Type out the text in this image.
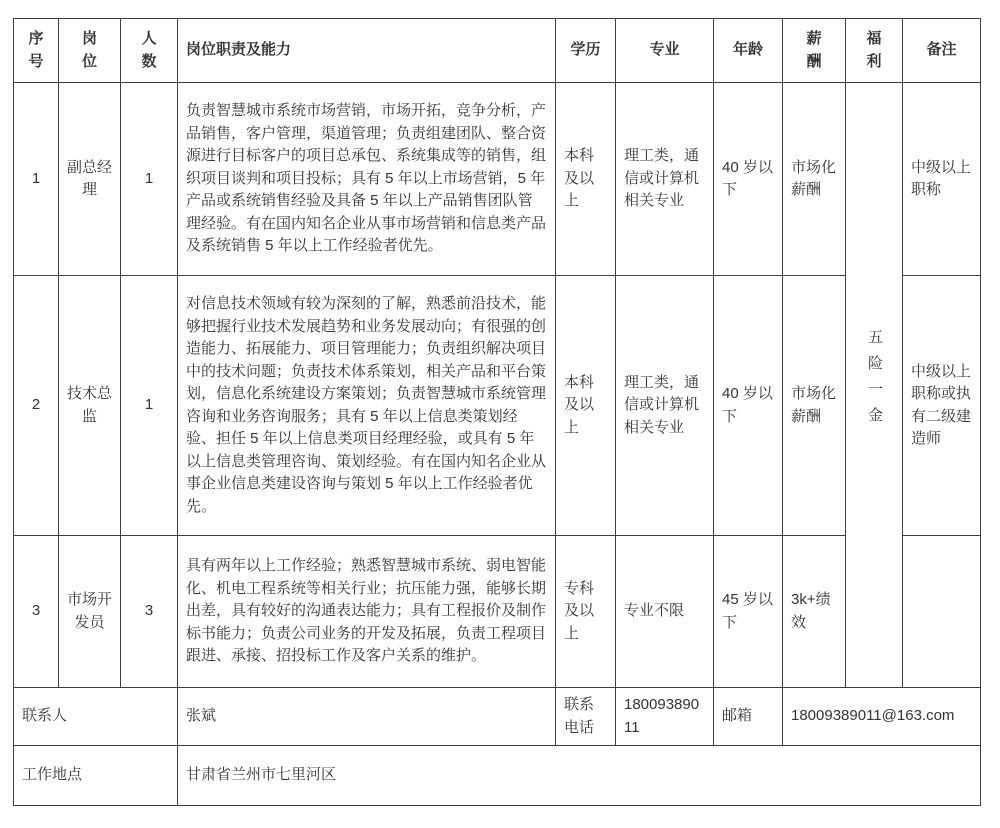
序号	岗位	人数	岗位职责及能力	学历	专业	年龄	薪酬	福利	备注
1	副总经理	1	负责智慧城市系统市场营销，市场开拓，竞争分析，产品销售，客户管理，渠道管理；负责组建团队、整合资源进行目标客户的项目总承包、系统集成等的销售，组织项目谈判和项目投标；具有 5 年以上市场营销，5 年产品或系统销售经验及具备 5 年以上产品销售团队管理经验。有在国内知名企业从事市场营销和信息类产品及系统销售 5 年以上工作经验者优先。	本科及以上	理工类，通信或计算机相关专业	40 岁以下	市场化薪酬	五险一金	中级以上职称
2	技术总监	1	对信息技术领域有较为深刻的了解，熟悉前沿技术，能够把握行业技术发展趋势和业务发展动向；有很强的创造能力、拓展能力、项目管理能力；负责组织解决项目中的技术问题；负责技术体系策划，相关产品和平台策划，信息化系统建设方案策划；负责智慧城市系统管理咨询和业务咨询服务；具有 5 年以上信息类策划经验、担任 5 年以上信息类项目经理经验，或具有 5 年以上信息类管理咨询、策划经验。有在国内知名企业从事企业信息类建设咨询与策划 5 年以上工作经验者优先。	本科及以上	理工类，通信或计算机相关专业	40 岁以下	市场化薪酬		中级以上职称或执有二级建造师
3	市场开发员	3	具有两年以上工作经验；熟悉智慧城市系统、弱电智能化、机电工程系统等相关行业；抗压能力强，能够长期出差，具有较好的沟通表达能力；具有工程报价及制作标书能力；负责公司业务的开发及拓展，负责工程项目跟进、承接、招投标工作及客户关系的维护。	专科及以上	专业不限	45 岁以下	3k+绩效		
联系人			张斌	联系电话	18009389011	邮箱	18009389011@163.com		
工作地点			甘肃省兰州市七里河区						
